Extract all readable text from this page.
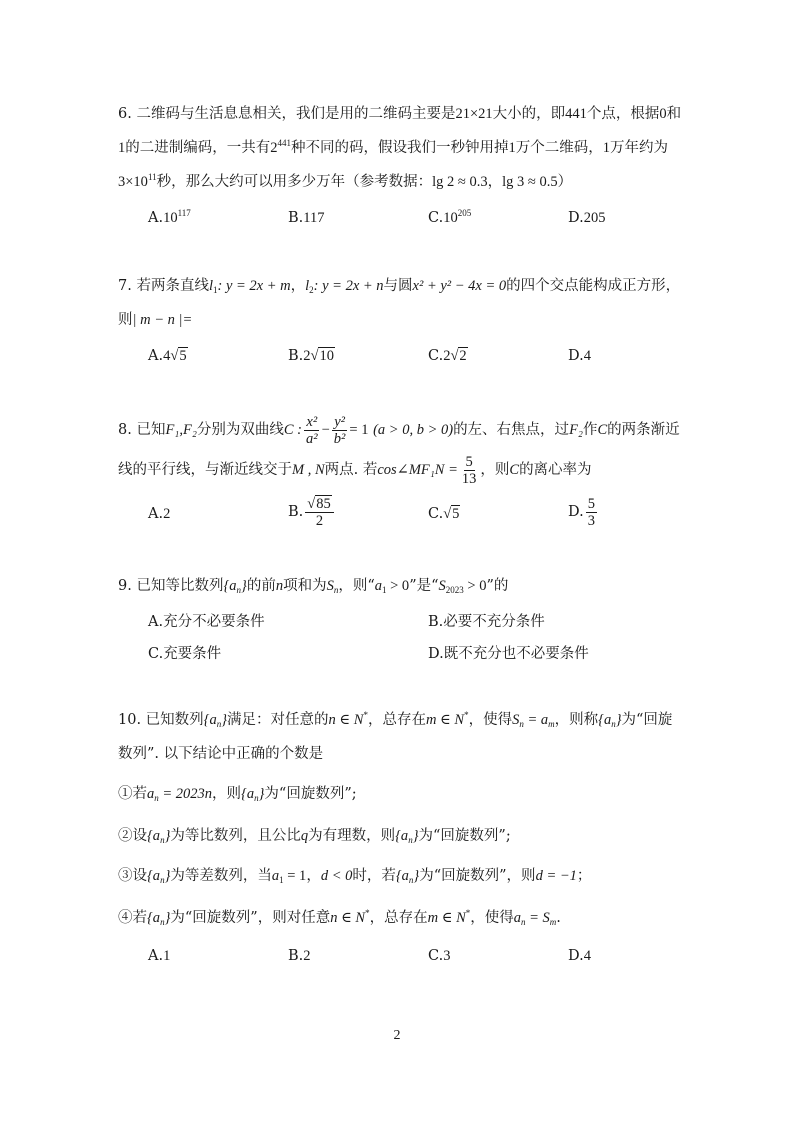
6. 二维码与生活息息相关，我们是用的二维码主要是21×21大小的，即441个点，根据0和
1的二进制编码，一共有$2^{441}$种不同的码，假设我们一秒钟用掉1万个二维码，1万年约为
$3\times 10^{11}$秒，那么大约可以用多少万年（参考数据：lg 2 ≈ 0.3，lg 3 ≈ 0.5）
$A.10^{117}$	B.117	$C.10^{205}$	D.205
7. 若两条直线$l_1$: y = 2x + m，$l_2$: y = 2x + n与圆x² + y² − 4x = 0的四个交点能构成正方形，
则| m − n |=
A.4√5	B.2√10	C.2√2	D.4
8. 已知F₁,F₂分别为双曲线C : $\frac{\text{x²}}{\text{a²}} - \frac{\text{y²}}{\text{b²}} = 1$ (a > 0, b > 0)的左、右焦点，过F₂作C的两条渐近
线的平行线，与渐近线交于M , N两点. 若cos∠MF₁N = $\frac{5}{13}$ ，则C的离心率为
A.2	B. $\frac{√85}{2}$	C.√5	D. $\frac{5}{3}$
9. 已知等比数列$\{a_n\}$的前n项和为$S_n$，则“$a_1 > 0$”是“$S_{2023} > 0$”的
A.充分不必要条件	B.必要不充分条件
C.充要条件	D.既不充分也不必要条件
10. 已知数列$\{a_n\}$满足：对任意的n ∈ N*，总存在m ∈ N*，使得$S_n = a_m$，则称$\{a_n\}$为“回旋
数列”. 以下结论中正确的个数是
①若$a_n = 2023n$，则$\{a_n\}$为“回旋数列”;
②设$\{a_n\}$为等比数列，且公比q为有理数，则$\{a_n\}$为“回旋数列”;
③设$\{a_n\}$为等差数列，当$a_1 = 1$，d < 0时，若$\{a_n\}$为“回旋数列”，则d = −1；
④若$\{a_n\}$为“回旋数列”，则对任意n ∈ N*，总存在m ∈ N*，使得$a_n = S_m$.
A.1	B.2	C.3	D.4
2
